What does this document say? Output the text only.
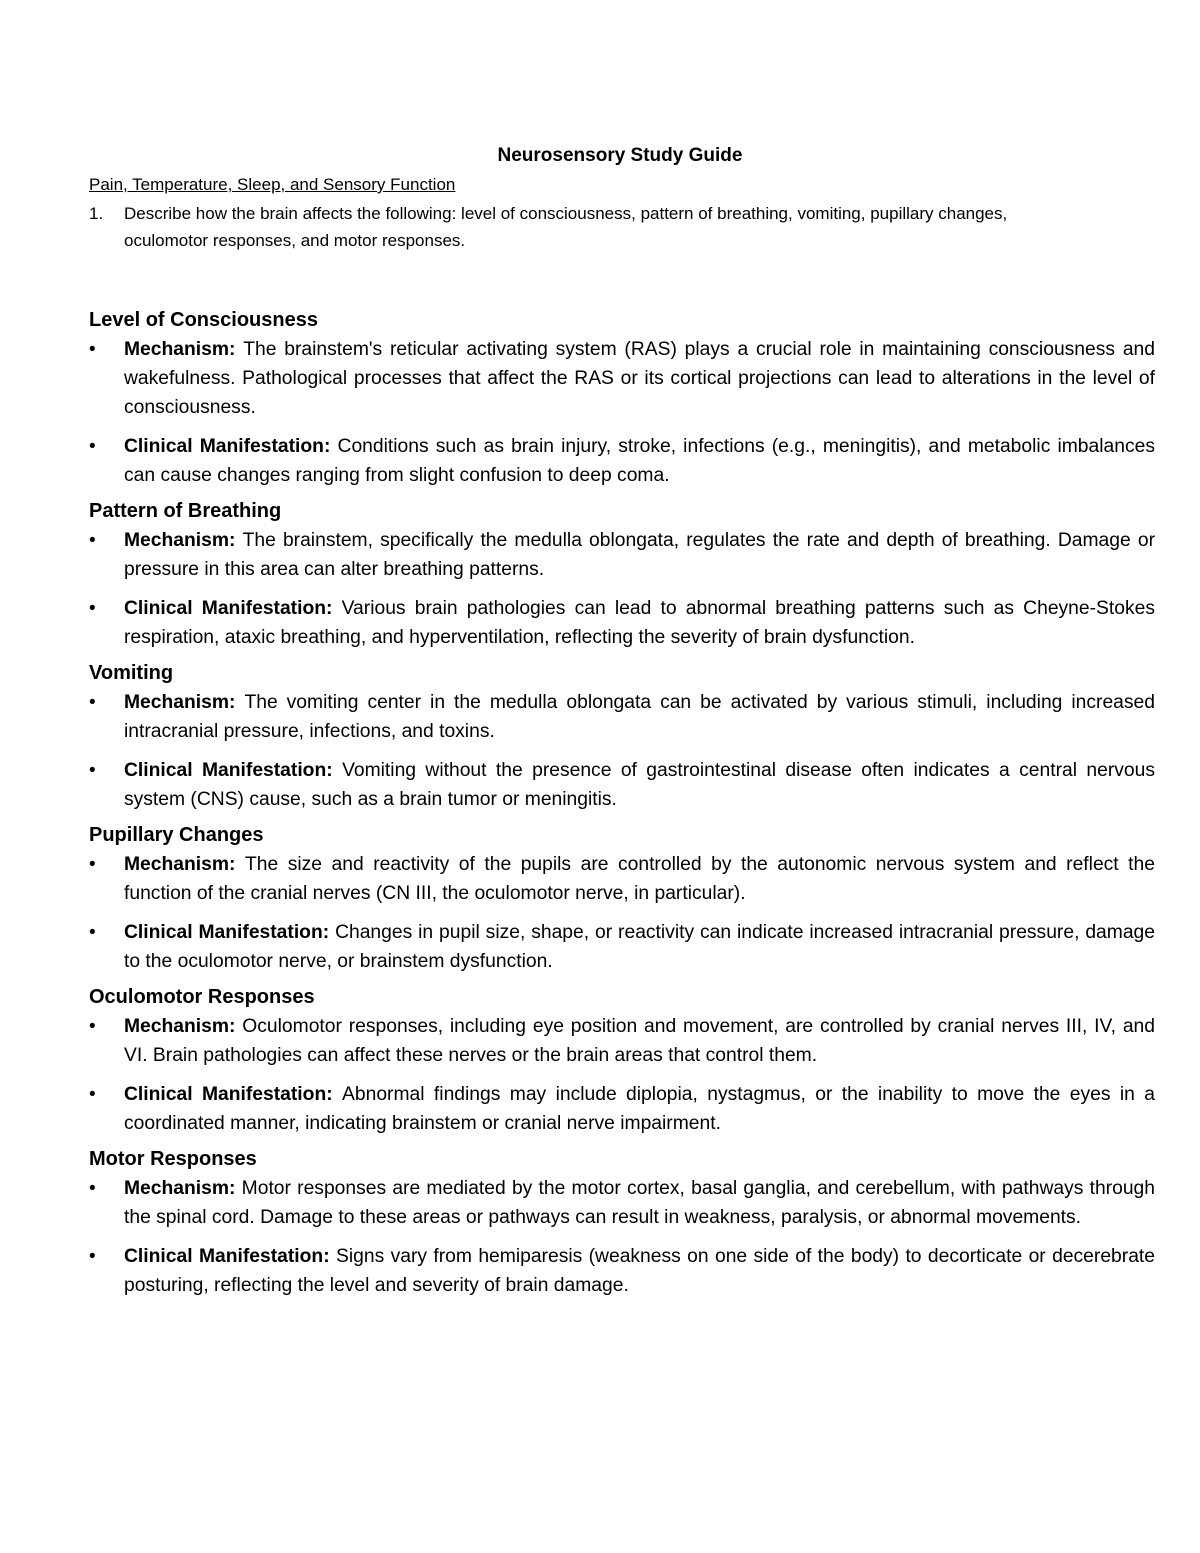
Neurosensory Study Guide
Pain, Temperature, Sleep, and Sensory Function
1. Describe how the brain affects the following: level of consciousness, pattern of breathing, vomiting, pupillary changes, oculomotor responses, and motor responses.
Level of Consciousness
• Mechanism: The brainstem's reticular activating system (RAS) plays a crucial role in maintaining consciousness and wakefulness. Pathological processes that affect the RAS or its cortical projections can lead to alterations in the level of consciousness.
• Clinical Manifestation: Conditions such as brain injury, stroke, infections (e.g., meningitis), and metabolic imbalances can cause changes ranging from slight confusion to deep coma.
Pattern of Breathing
• Mechanism: The brainstem, specifically the medulla oblongata, regulates the rate and depth of breathing. Damage or pressure in this area can alter breathing patterns.
• Clinical Manifestation: Various brain pathologies can lead to abnormal breathing patterns such as Cheyne-Stokes respiration, ataxic breathing, and hyperventilation, reflecting the severity of brain dysfunction.
Vomiting
• Mechanism: The vomiting center in the medulla oblongata can be activated by various stimuli, including increased intracranial pressure, infections, and toxins.
• Clinical Manifestation: Vomiting without the presence of gastrointestinal disease often indicates a central nervous system (CNS) cause, such as a brain tumor or meningitis.
Pupillary Changes
• Mechanism: The size and reactivity of the pupils are controlled by the autonomic nervous system and reflect the function of the cranial nerves (CN III, the oculomotor nerve, in particular).
• Clinical Manifestation: Changes in pupil size, shape, or reactivity can indicate increased intracranial pressure, damage to the oculomotor nerve, or brainstem dysfunction.
Oculomotor Responses
• Mechanism: Oculomotor responses, including eye position and movement, are controlled by cranial nerves III, IV, and VI. Brain pathologies can affect these nerves or the brain areas that control them.
• Clinical Manifestation: Abnormal findings may include diplopia, nystagmus, or the inability to move the eyes in a coordinated manner, indicating brainstem or cranial nerve impairment.
Motor Responses
• Mechanism: Motor responses are mediated by the motor cortex, basal ganglia, and cerebellum, with pathways through the spinal cord. Damage to these areas or pathways can result in weakness, paralysis, or abnormal movements.
• Clinical Manifestation: Signs vary from hemiparesis (weakness on one side of the body) to decorticate or decerebrate posturing, reflecting the level and severity of brain damage.
